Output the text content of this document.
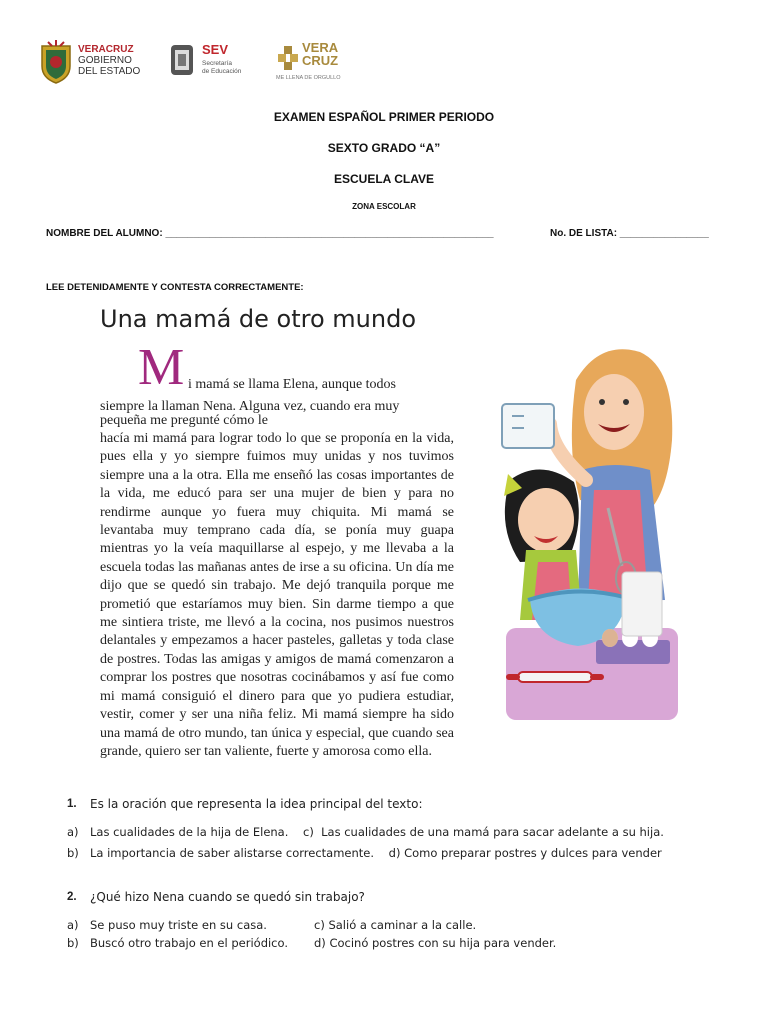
VERACRUZ
GOBIERNO
DEL ESTADO
SEV
Secretaría
de Educación
VERA
CRUZ
ME LLENA DE ORGULLO
EXAMEN ESPAÑOL PRIMER PERIODO
SEXTO GRADO “A”
ESCUELA CLAVE
ZONA ESCOLAR
NOMBRE DEL ALUMNO: ___________________________________________________________	No. DE LISTA: ________________
LEE DETENIDAMENTE Y CONTESTA CORRECTAMENTE:
Una mamá de otro mundo
M i mamá se llama Elena, aunque todos
siempre la llaman Nena. Alguna vez, cuando era muy
pequeña me pregunté cómo le
hacía mi mamá para lograr todo lo que se proponía en la vida, pues ella y yo siempre fuimos muy unidas y nos tuvimos siempre una a la otra. Ella me enseñó las cosas importantes de la vida, me educó para ser una mujer de bien y para no rendirme aunque yo fuera muy chiquita. Mi mamá se levantaba muy temprano cada día, se ponía muy guapa mientras yo la veía maquillarse al espejo, y me llevaba a la escuela todas las mañanas antes de irse a su oficina. Un día me dijo que se quedó sin trabajo. Me dejó tranquila porque me prometió que estaríamos muy bien. Sin darme tiempo a que me sintiera triste, me llevó a la cocina, nos pusimos nuestros delantales y empezamos a hacer pasteles, galletas y toda clase de postres. Todas las amigas y amigos de mamá comenzaron a comprar los postres que nosotras cocinábamos y así fue como mi mamá consiguió el dinero para que yo pudiera estudiar, vestir, comer y ser una niña feliz. Mi mamá siempre ha sido una mamá de otro mundo, tan única y especial, que cuando sea grande, quiero ser tan valiente, fuerte y amorosa como ella.
1. Es la oración que representa la idea principal del texto:
a) Las cualidades de la hija de Elena.    c)  Las cualidades de una mamá para sacar adelante a su hija.
b) La importancia de saber alistarse correctamente.    d) Como preparar postres y dulces para vender
2. ¿Qué hizo Nena cuando se quedó sin trabajo?
a) Se puso muy triste en su casa.	c) Salió a caminar a la calle.
b) Buscó otro trabajo en el periódico. d) Cocinó postres con su hija para vender.
